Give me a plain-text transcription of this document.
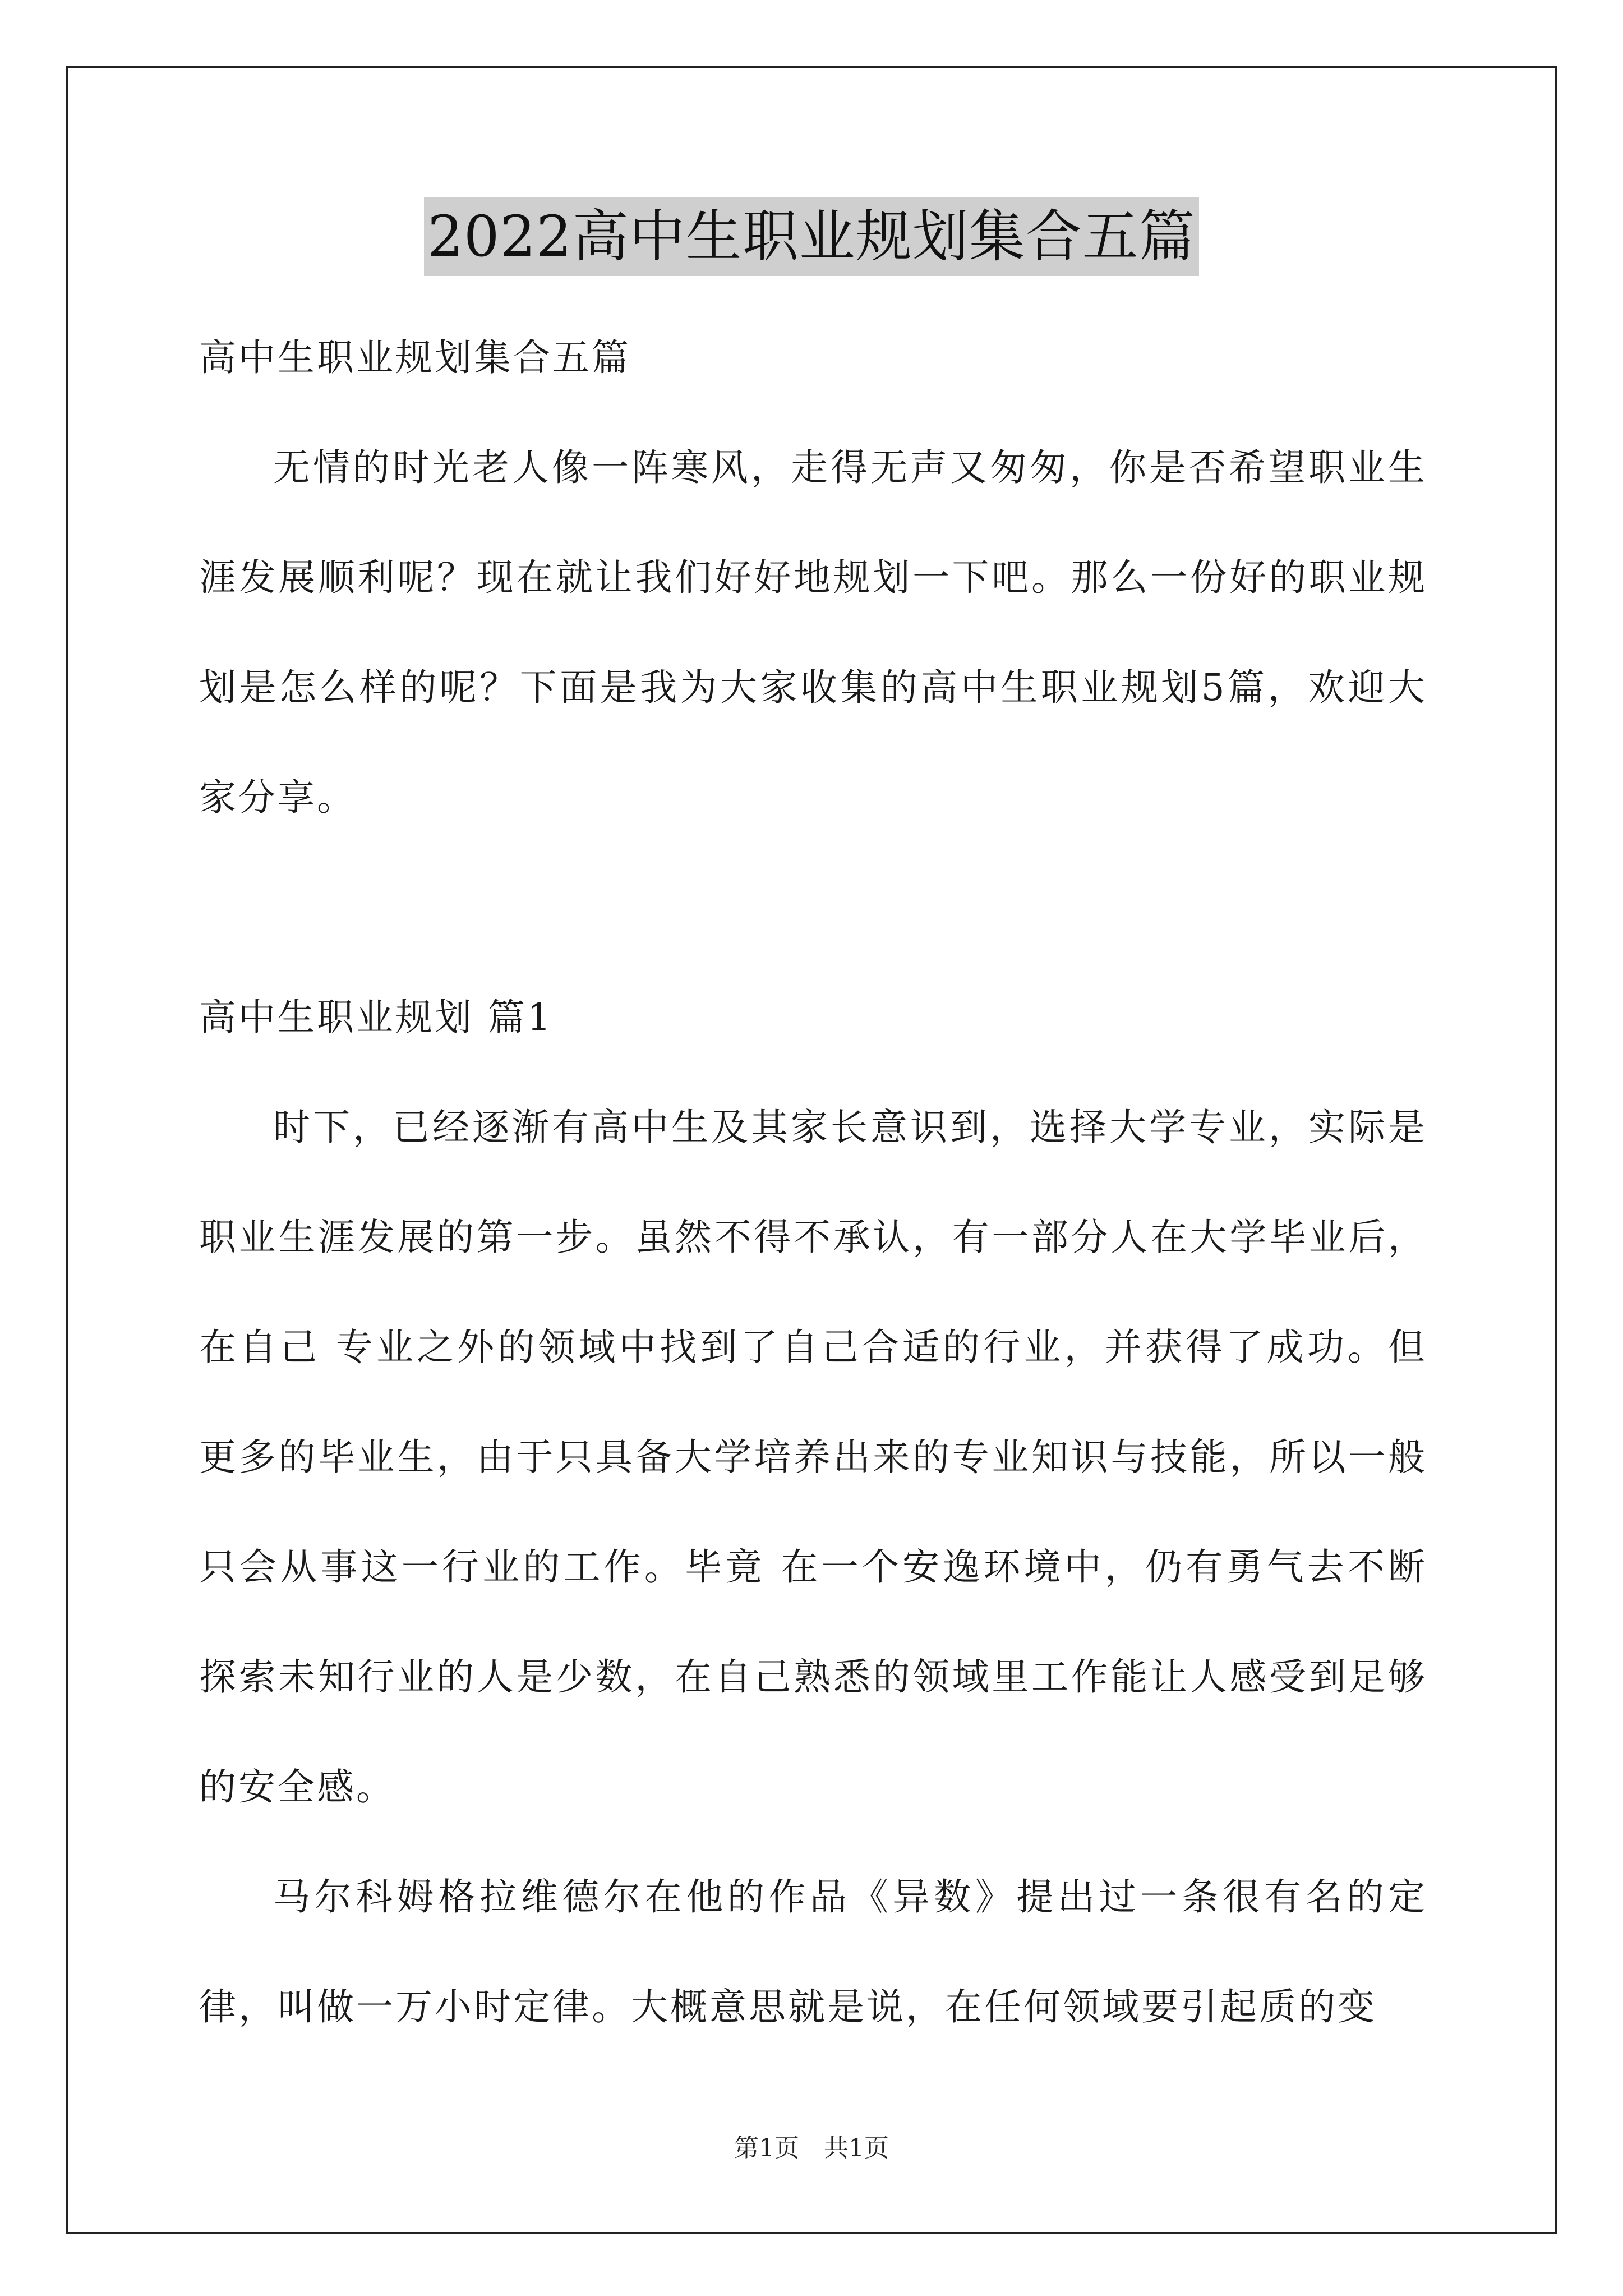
2022高中生职业规划集合五篇

高中生职业规划集合五篇

无情的时光老人像一阵寒风，走得无声又匆匆，你是否希望职业生涯发展顺利呢？现在就让我们好好地规划一下吧。那么一份好的职业规划是怎么样的呢？下面是我为大家收集的高中生职业规划5篇，欢迎大家分享。

高中生职业规划 篇1

时下，已经逐渐有高中生及其家长意识到，选择大学专业，实际是职业生涯发展的第一步。虽然不得不承认，有一部分人在大学毕业后，在自己 专业之外的领域中找到了自己合适的行业，并获得了成功。但更多的毕业生，由于只具备大学培养出来的专业知识与技能，所以一般只会从事这一行业的工作。毕竟 在一个安逸环境中，仍有勇气去不断探索未知行业的人是少数，在自己熟悉的领域里工作能让人感受到足够的安全感。

马尔科姆格拉维德尔在他的作品《异数》提出过一条很有名的定律，叫做一万小时定律。大概意思就是说，在任何领域要引起质的变

第1页 共1页
